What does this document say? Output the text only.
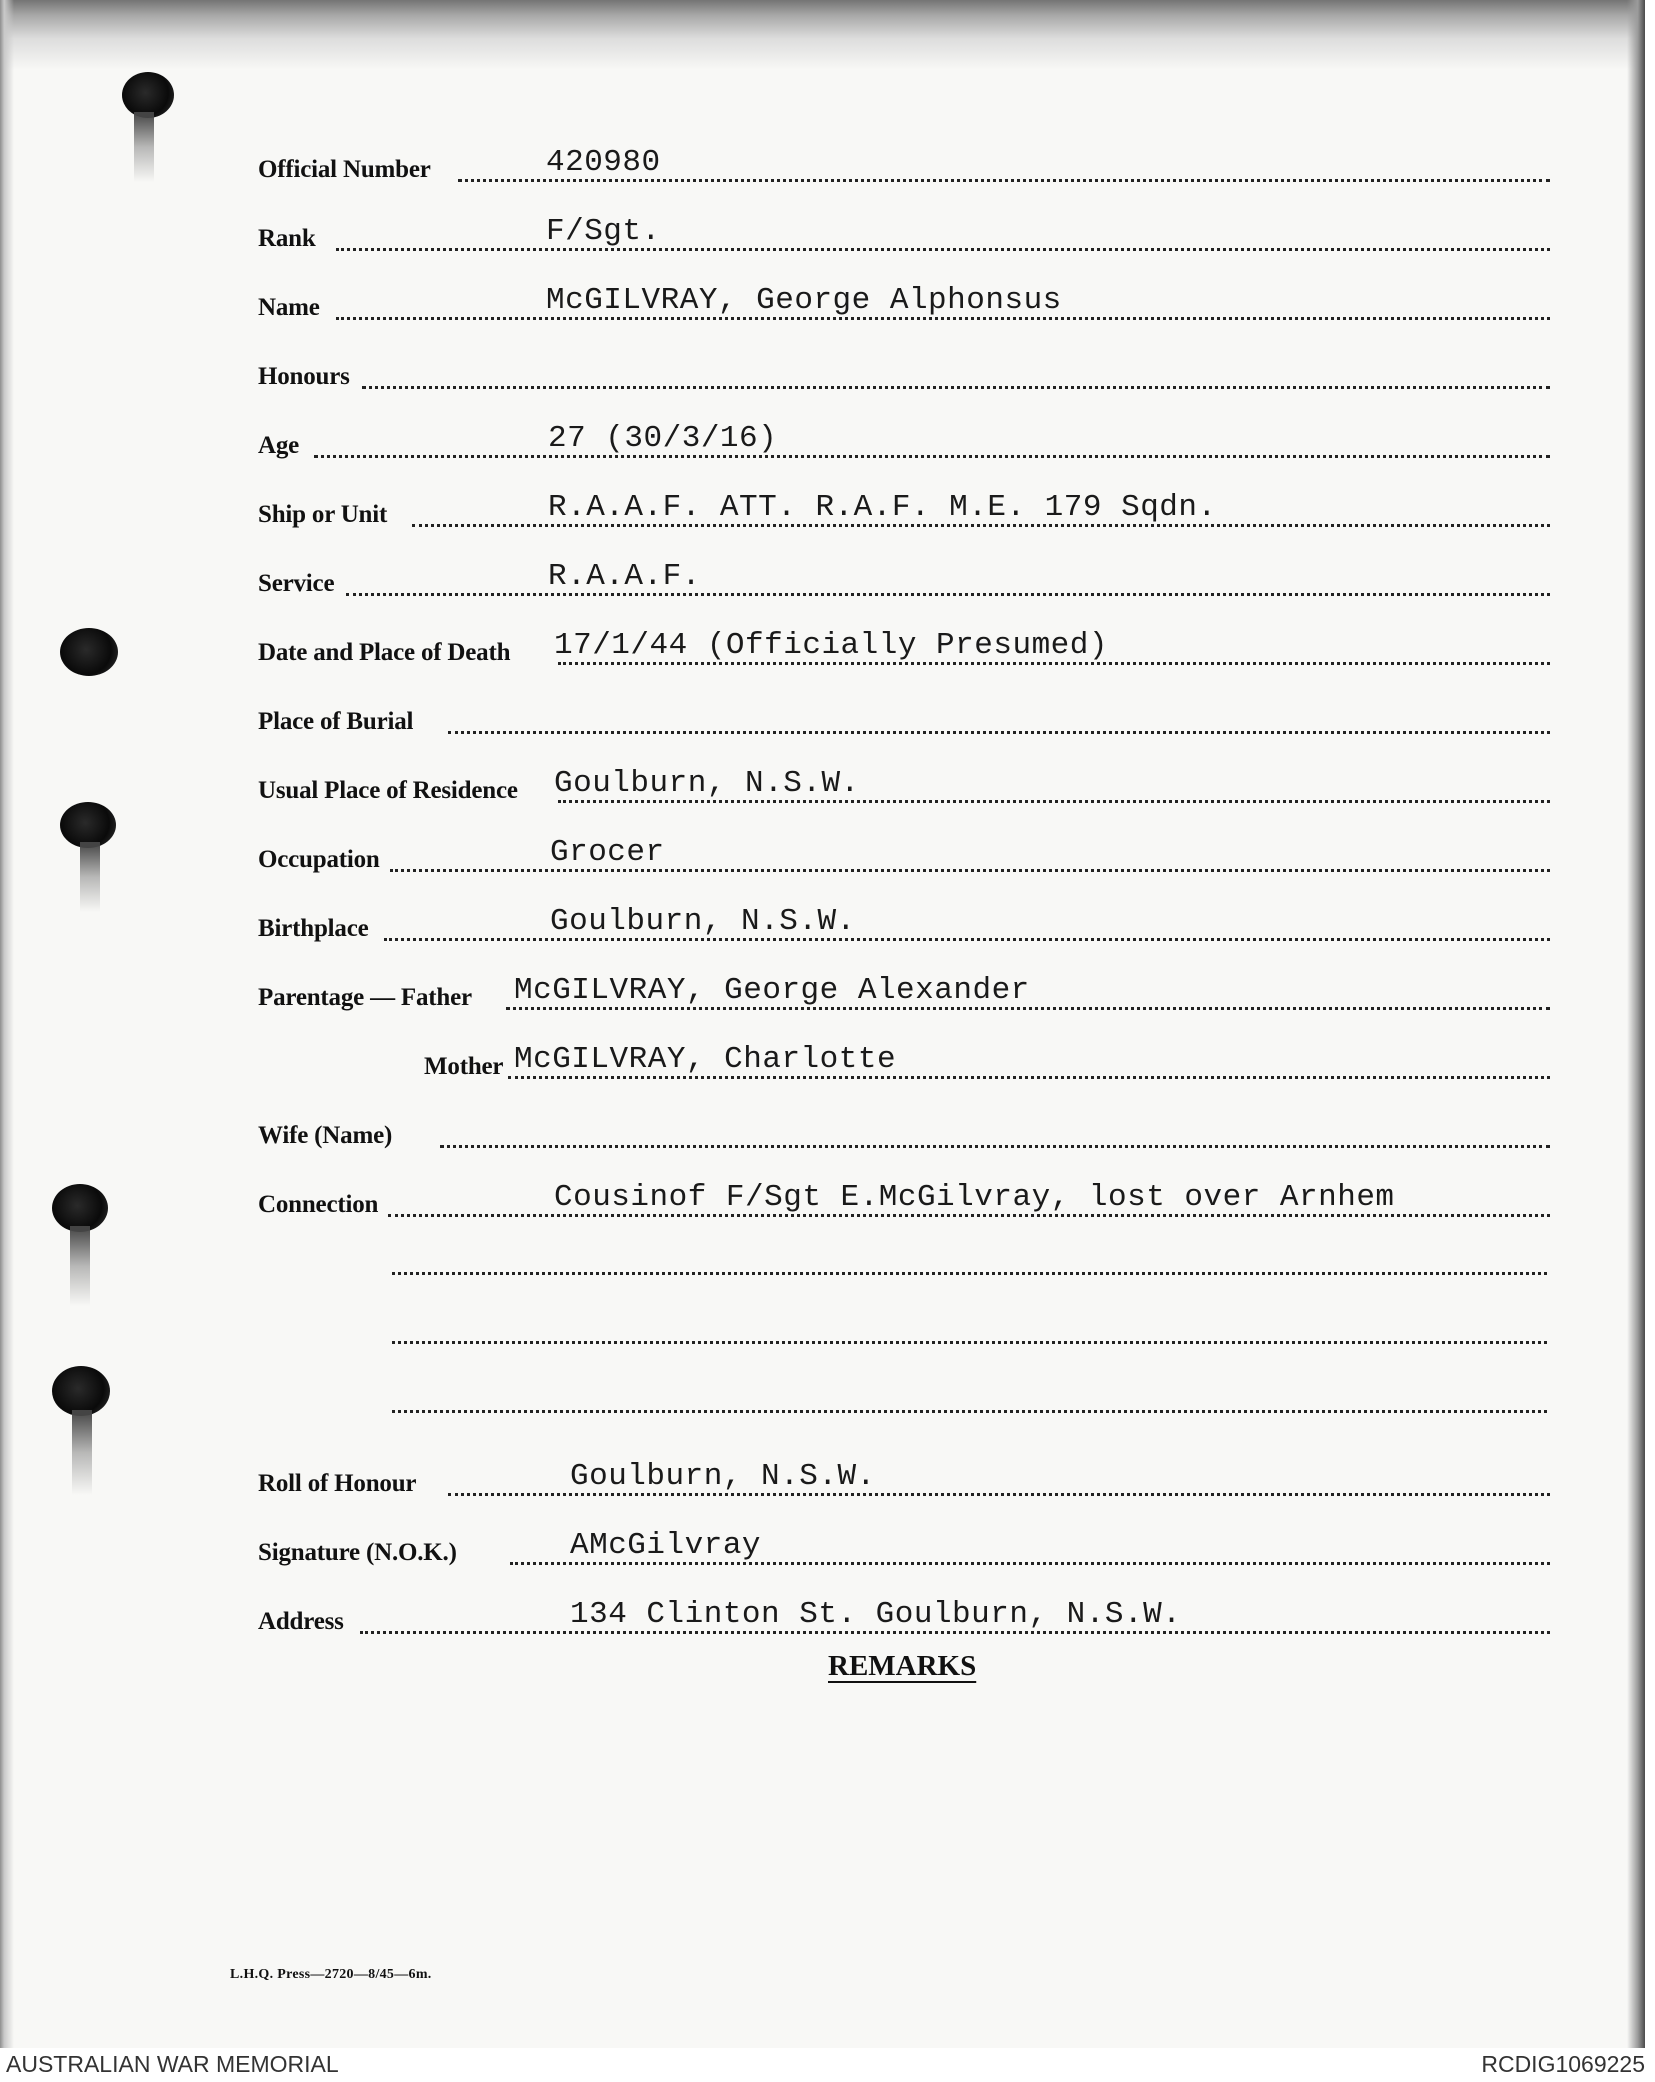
Official Number	420980
Rank	F/Sgt.
Name	McGILVRAY, George Alphonsus
Honours
Age	27 (30/3/16)
Ship or Unit	R.A.A.F. ATT. R.A.F. M.E. 179 Sqdn.
Service	R.A.A.F.
Date and Place of Death 17/1/44 (Officially Presumed)
Place of Burial
Usual Place of Residence Goulburn, N.S.W.
Occupation	Grocer
Birthplace	Goulburn, N.S.W.
Parentage — Father McGILVRAY, George Alexander
Mother McGILVRAY, Charlotte
Wife (Name)
Connection	Cousinof F/Sgt E.McGilvray, lost over Arnhem
Roll of Honour	Goulburn, N.S.W.
Signature (N.O.K.)	AMcGilvray
Address	134 Clinton St. Goulburn, N.S.W.
REMARKS
L.H.Q. Press—2720—8/45—6m.
AUSTRALIAN WAR MEMORIAL	RCDIG1069225
